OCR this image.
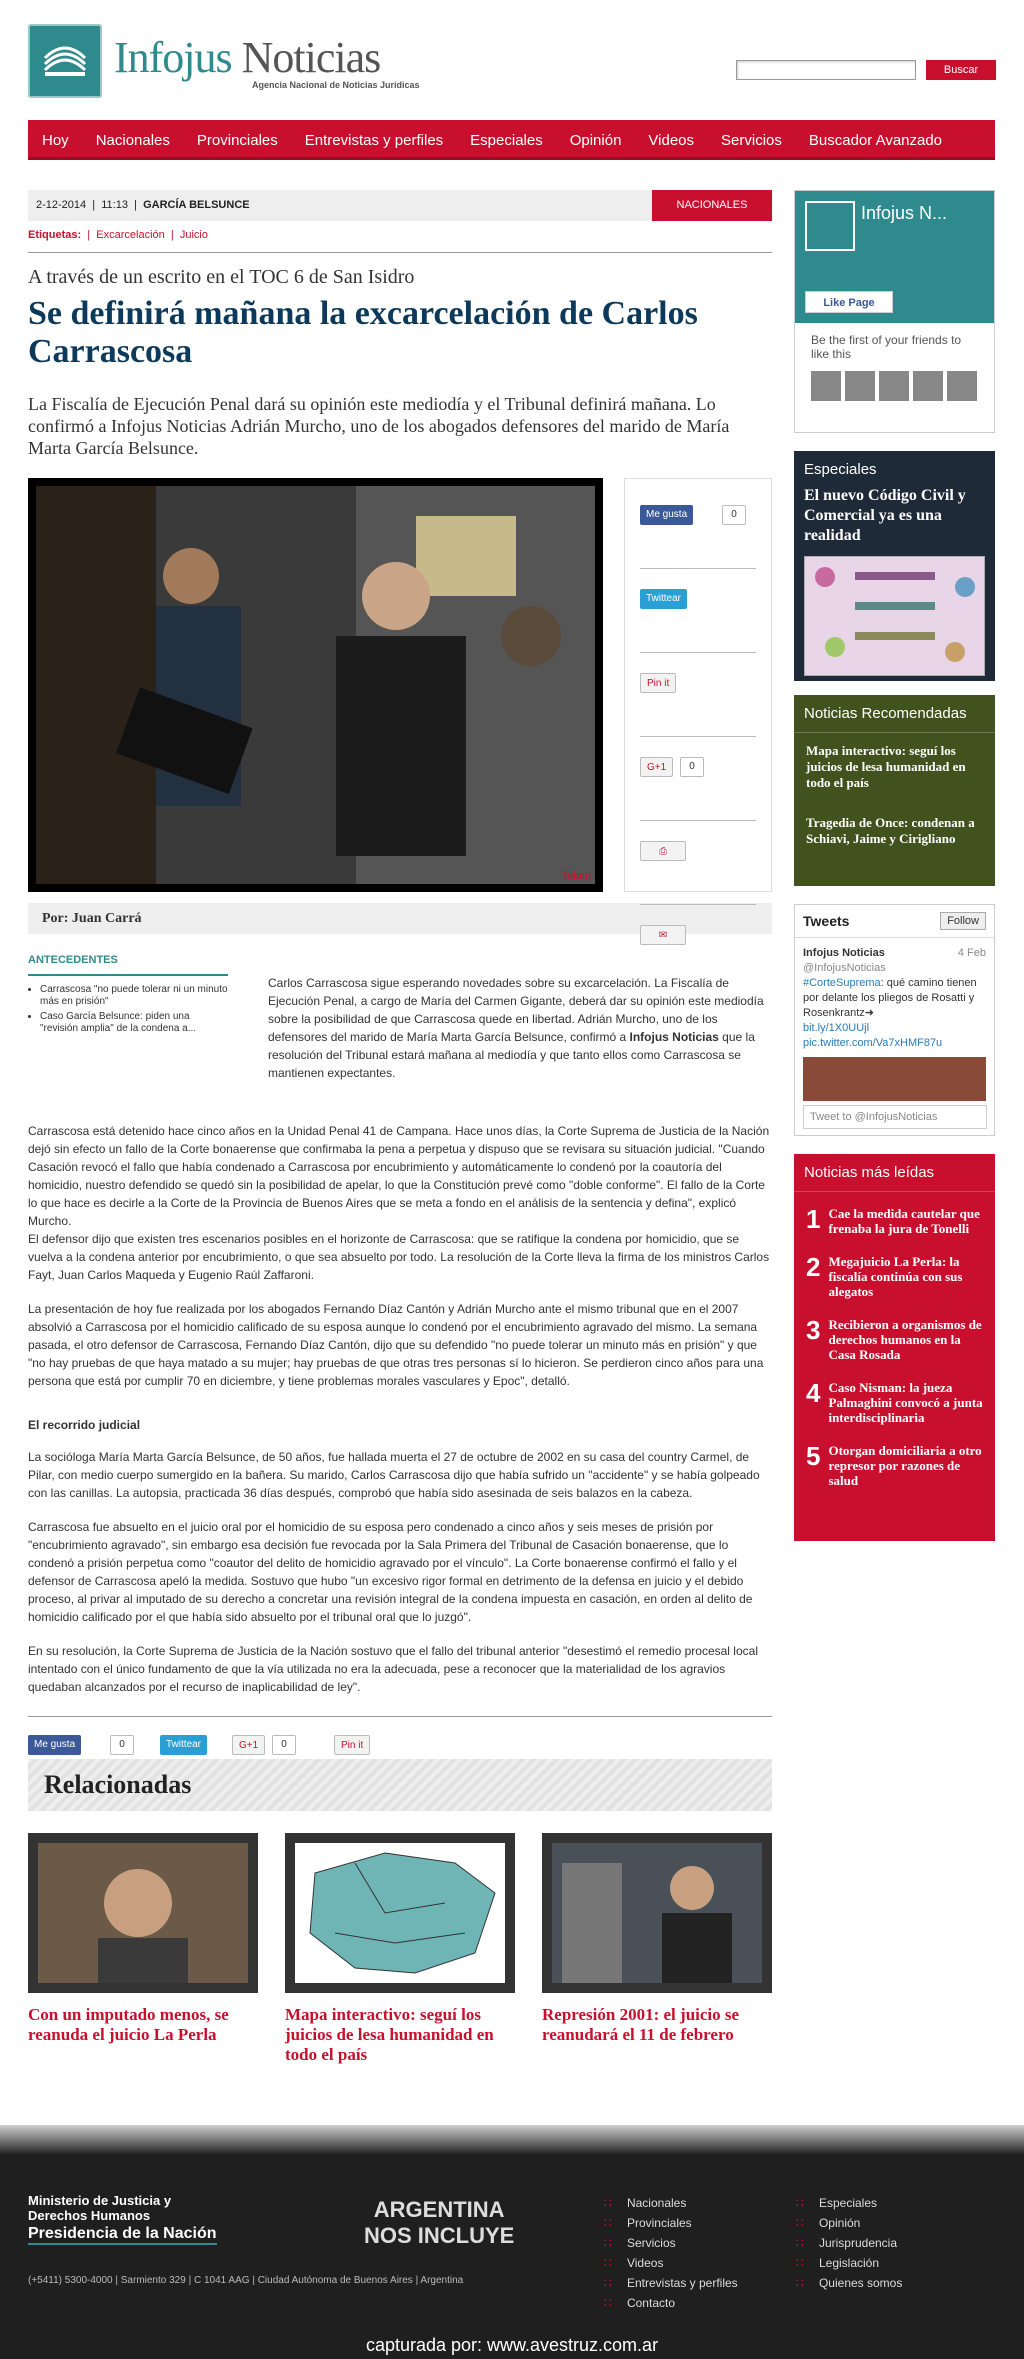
Infojus Noticias
Agencia Nacional de Noticias Jurídicas
Buscar
Hoy Nacionales Provinciales Entrevistas y perfiles Especiales Opinión Videos Servicios Buscador Avanzado
2-12-2014  |  11:13  |  GARCÍA BELSUNCE	NACIONALES
Etiquetas:  |  Excarcelación  |  Juicio
A través de un escrito en el TOC 6 de San Isidro
Se definirá mañana la excarcelación de Carlos Carrascosa

La Fiscalía de Ejecución Penal dará su opinión este mediodía y el Tribunal definirá mañana. Lo confirmó a Infojus Noticias Adrián Murcho, uno de los abogados defensores del marido de María Marta García Belsunce.

Telam
Me gusta	0
Twittear
Pin it
G+1	0
⎙
✉
Por: Juan Carrá
ANTECEDENTES
• Carrascosa "no puede tolerar ni un minuto más en prisión"
• Caso García Belsunce: piden una "revisión amplia" de la condena a...

Carlos Carrascosa sigue esperando novedades sobre su excarcelación. La Fiscalía de Ejecución Penal, a cargo de María del Carmen Gigante, deberá dar su opinión este mediodía sobre la posibilidad de que Carrascosa quede en libertad. Adrián Murcho, uno de los defensores del marido de María Marta García Belsunce, confirmó a Infojus Noticias que la resolución del Tribunal estará mañana al mediodía y que tanto ellos como Carrascosa se mantienen expectantes.

Carrascosa está detenido hace cinco años en la Unidad Penal 41 de Campana. Hace unos días, la Corte Suprema de Justicia de la Nación dejó sin efecto un fallo de la Corte bonaerense que confirmaba la pena a perpetua y dispuso que se revisara su situación judicial. "Cuando Casación revocó el fallo que había condenado a Carrascosa por encubrimiento y automáticamente lo condenó por la coautoría del homicidio, nuestro defendido se quedó sin la posibilidad de apelar, lo que la Constitución prevé como "doble conforme". El fallo de la Corte lo que hace es decirle a la Corte de la Provincia de Buenos Aires que se meta a fondo en el análisis de la sentencia y defina", explicó Murcho.

El defensor dijo que existen tres escenarios posibles en el horizonte de Carrascosa: que se ratifique la condena por homicidio, que se vuelva a la condena anterior por encubrimiento, o que sea absuelto por todo. La resolución de la Corte lleva la firma de los ministros Carlos Fayt, Juan Carlos Maqueda y Eugenio Raúl Zaffaroni.

La presentación de hoy fue realizada por los abogados Fernando Díaz Cantón y Adrián Murcho ante el mismo tribunal que en el 2007 absolvió a Carrascosa por el homicidio calificado de su esposa aunque lo condenó por el encubrimiento agravado del mismo. La semana pasada, el otro defensor de Carrascosa, Fernando Díaz Cantón, dijo que su defendido "no puede tolerar un minuto más en prisión" y que "no hay pruebas de que haya matado a su mujer; hay pruebas de que otras tres personas sí lo hicieron. Se perdieron cinco años para una persona que está por cumplir 70 en diciembre, y tiene problemas morales vasculares y Epoc", detalló.

El recorrido judicial

La socióloga María Marta García Belsunce, de 50 años, fue hallada muerta el 27 de octubre de 2002 en su casa del country Carmel, de Pilar, con medio cuerpo sumergido en la bañera. Su marido, Carlos Carrascosa dijo que había sufrido un "accidente" y se había golpeado con las canillas. La autopsia, practicada 36 días después, comprobó que había sido asesinada de seis balazos en la cabeza.

Carrascosa fue absuelto en el juicio oral por el homicidio de su esposa pero condenado a cinco años y seis meses de prisión por "encubrimiento agravado", sin embargo esa decisión fue revocada por la Sala Primera del Tribunal de Casación bonaerense, que lo condenó a prisión perpetua como "coautor del delito de homicidio agravado por el vínculo". La Corte bonaerense confirmó el fallo y el defensor de Carrascosa apeló la medida. Sostuvo que hubo "un excesivo rigor formal en detrimento de la defensa en juicio y el debido proceso, al privar al imputado de su derecho a concretar una revisión integral de la condena impuesta en casación, en orden al delito de homicidio calificado por el que había sido absuelto por el tribunal oral que lo juzgó".

En su resolución, la Corte Suprema de Justicia de la Nación sostuvo que el fallo del tribunal anterior "desestimó el remedio procesal local intentado con el único fundamento de que la vía utilizada no era la adecuada, pese a reconocer que la materialidad de los agravios quedaban alcanzados por el recurso de inaplicabilidad de ley".

Me gusta	0	Twittear	G+1	0	Pin it
Relacionadas
Con un imputado menos, se reanuda el juicio La Perla
Mapa interactivo: seguí los juicios de lesa humanidad en todo el país
Represión 2001: el juicio se reanudará el 11 de febrero
Infojus N...
Like Page
Be the first of your friends to like this
Especiales
El nuevo Código Civil y Comercial ya es una realidad
Noticias Recomendadas

Mapa interactivo: seguí los juicios de lesa humanidad en todo el país

Tragedia de Once: condenan a Schiavi, Jaime y Cirigliano

Tweets	Follow
Infojus Noticias	4 Feb

@InfojusNoticias
#CorteSuprema: qué camino tienen por delante los pliegos de Rosatti y Rosenkrantz➜
bit.ly/1X0UUjl pic.twitter.com/Va7xHMF87u
Tweet to @InfojusNoticias
Noticias más leídas
1 Cae la medida cautelar que frenaba la jura de Tonelli
2 Megajuicio La Perla: la fiscalía continúa con sus alegatos
3 Recibieron a organismos de derechos humanos en la Casa Rosada
4 Caso Nisman: la jueza Palmaghini convocó a junta interdisciplinaria
5 Otorgan domiciliaria a otro represor por razones de salud
Ministerio de Justicia y Derechos Humanos
Presidencia de la Nación
ARGENTINA
NOS INCLUYE
(+5411) 5300-4000 | Sarmiento 329 | C 1041 AAG | Ciudad Autónoma de Buenos Aires | Argentina
∷ Nacionales
∷ Provinciales
∷ Servicios
∷ Videos
∷ Entrevistas y perfiles
∷ Contacto
∷ Especiales
∷ Opinión
∷ Jurisprudencia
∷ Legislación
∷ Quienes somos
capturada por: www.avestruz.com.ar
